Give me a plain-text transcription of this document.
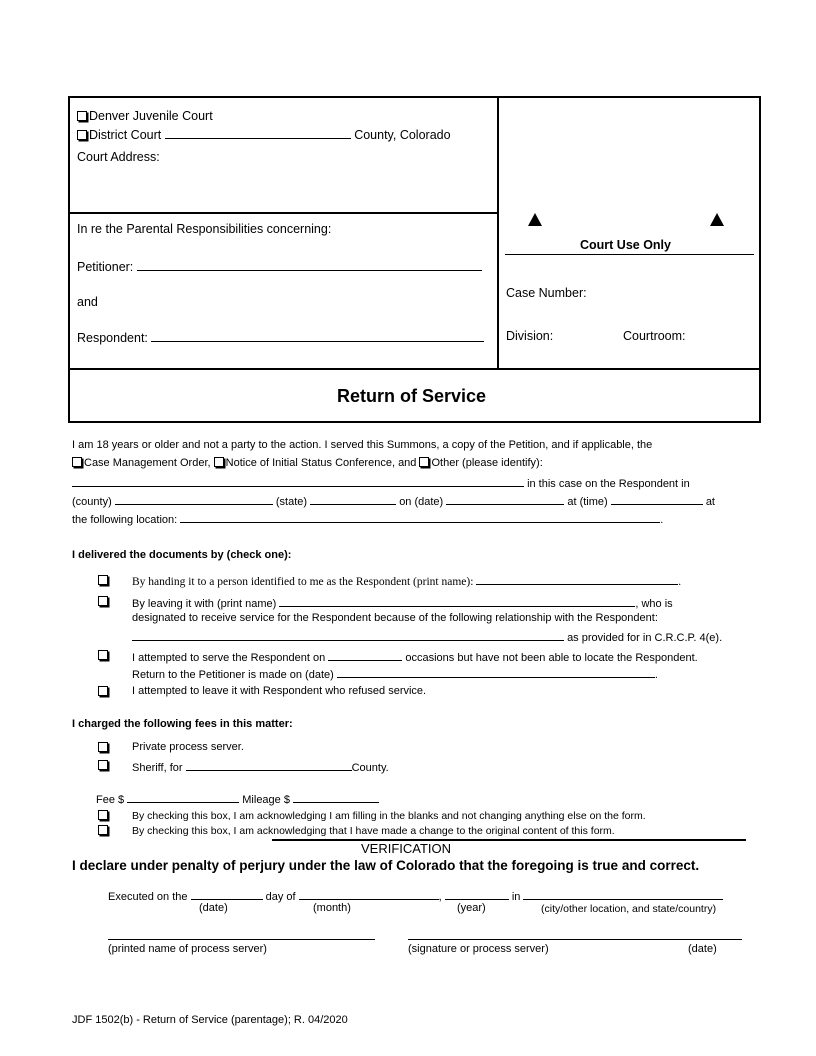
Denver Juvenile Court
District Court	County, Colorado
Court Address:
In re the Parental Responsibilities concerning:
Petitioner:
and
Respondent:
Court Use Only
Case Number:
Division:	Courtroom:
Return of Service
I am 18 years or older and not a party to the action. I served this Summons, a copy of the Petition, and if applicable, the
Case Management Order, Notice of Initial Status Conference, and Other (please identify):
in this case on the Respondent in
(county)	(state)	on (date)	at (time)	at
the following location:	.
I delivered the documents by (check one):
By handing it to a person identified to me as the Respondent (print name):	.
By leaving it with (print name)	, who is
designated to receive service for the Respondent because of the following relationship with the Respondent:
as provided for in C.R.C.P. 4(e).
I attempted to serve the Respondent on	occasions but have not been able to locate the Respondent.
Return to the Petitioner is made on (date)	.
I attempted to leave it with Respondent who refused service.
I charged the following fees in this matter:
Private process server.
Sheriff, for	County.
Fee $	Mileage $
By checking this box, I am acknowledging I am filling in the blanks and not changing anything else on the form.
By checking this box, I am acknowledging that I have made a change to the original content of this form.
VERIFICATION
I declare under penalty of perjury under the law of Colorado that the foregoing is true and correct.
Executed on the	day of	,	in
(date)	(month)	(year)	(city/other location, and state/country)
(printed name of process server)	(signature or process server)	(date)
JDF 1502(b) - Return of Service (parentage); R. 04/2020
